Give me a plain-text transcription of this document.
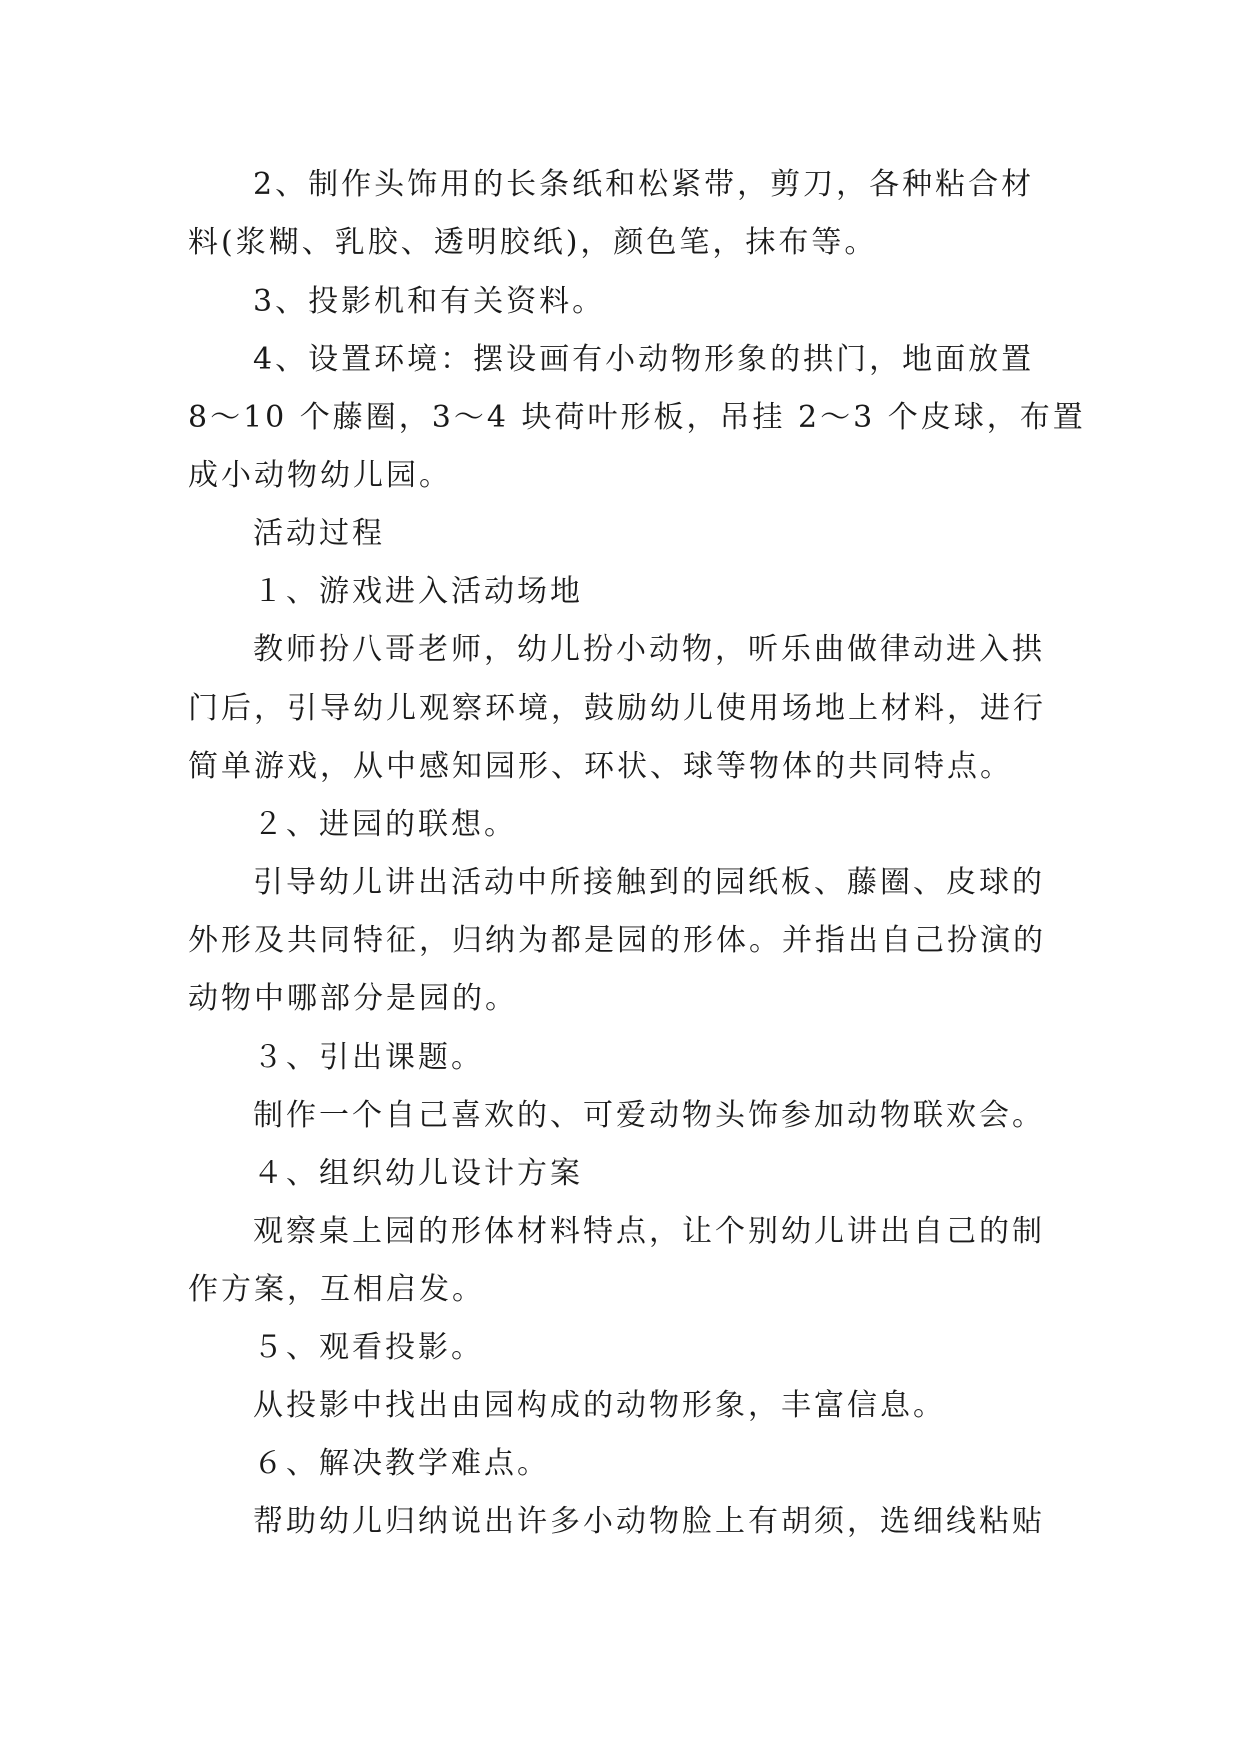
2、制作头饰用的长条纸和松紧带，剪刀，各种粘合材
料(浆糊、乳胶、透明胶纸)，颜色笔，抹布等。
3、投影机和有关资料。
4、设置环境：摆设画有小动物形象的拱门，地面放置
8～10 个藤圈，3～4 块荷叶形板，吊挂 2～3 个皮球，布置
成小动物幼儿园。
活动过程
１、游戏进入活动场地
教师扮八哥老师，幼儿扮小动物，听乐曲做律动进入拱
门后，引导幼儿观察环境，鼓励幼儿使用场地上材料，进行
简单游戏，从中感知园形、环状、球等物体的共同特点。
２、进园的联想。
引导幼儿讲出活动中所接触到的园纸板、藤圈、皮球的
外形及共同特征，归纳为都是园的形体。并指出自己扮演的
动物中哪部分是园的。
３、引出课题。
制作一个自己喜欢的、可爱动物头饰参加动物联欢会。
４、组织幼儿设计方案
观察桌上园的形体材料特点，让个别幼儿讲出自己的制
作方案，互相启发。
５、观看投影。
从投影中找出由园构成的动物形象，丰富信息。
６、解决教学难点。
帮助幼儿归纳说出许多小动物脸上有胡须，选细线粘贴
